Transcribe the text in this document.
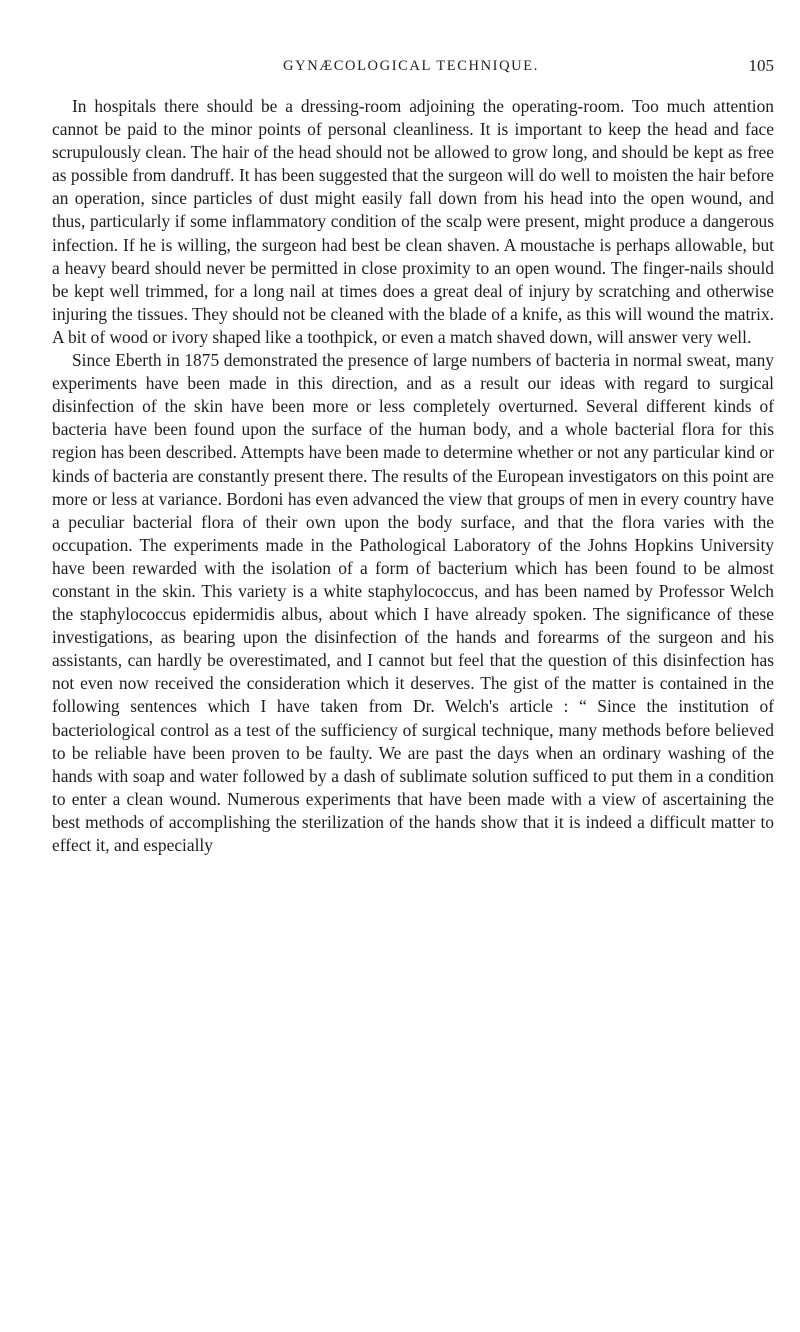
GYNÆCOLOGICAL TECHNIQUE.	105

In hospitals there should be a dressing-room adjoining the operating-room. Too much attention cannot be paid to the minor points of personal cleanliness. It is important to keep the head and face scrupulously clean. The hair of the head should not be allowed to grow long, and should be kept as free as possible from dandruff. It has been suggested that the surgeon will do well to moisten the hair before an operation, since particles of dust might easily fall down from his head into the open wound, and thus, particularly if some inflammatory condition of the scalp were present, might produce a dangerous infection. If he is willing, the surgeon had best be clean shaven. A moustache is perhaps allowable, but a heavy beard should never be permitted in close proximity to an open wound. The finger-nails should be kept well trimmed, for a long nail at times does a great deal of injury by scratching and otherwise injuring the tissues. They should not be cleaned with the blade of a knife, as this will wound the matrix. A bit of wood or ivory shaped like a toothpick, or even a match shaved down, will answer very well.

Since Eberth in 1875 demonstrated the presence of large numbers of bacteria in normal sweat, many experiments have been made in this direction, and as a result our ideas with regard to surgical disinfection of the skin have been more or less completely overturned. Several different kinds of bacteria have been found upon the surface of the human body, and a whole bacterial flora for this region has been described. Attempts have been made to determine whether or not any particular kind or kinds of bacteria are constantly present there. The results of the European investigators on this point are more or less at variance. Bordoni has even advanced the view that groups of men in every country have a peculiar bacterial flora of their own upon the body surface, and that the flora varies with the occupation. The experiments made in the Pathological Laboratory of the Johns Hopkins University have been rewarded with the isolation of a form of bacterium which has been found to be almost constant in the skin. This variety is a white staphylococcus, and has been named by Professor Welch the staphylococcus epidermidis albus, about which I have already spoken. The significance of these investigations, as bearing upon the disinfection of the hands and forearms of the surgeon and his assistants, can hardly be overestimated, and I cannot but feel that the question of this disinfection has not even now received the consideration which it deserves. The gist of the matter is contained in the following sentences which I have taken from Dr. Welch's article : “ Since the institution of bacteriological control as a test of the sufficiency of surgical technique, many methods before believed to be reliable have been proven to be faulty. We are past the days when an ordinary washing of the hands with soap and water followed by a dash of sublimate solution sufficed to put them in a condition to enter a clean wound. Numerous experiments that have been made with a view of ascertaining the best methods of accomplishing the sterilization of the hands show that it is indeed a difficult matter to effect it, and especially
